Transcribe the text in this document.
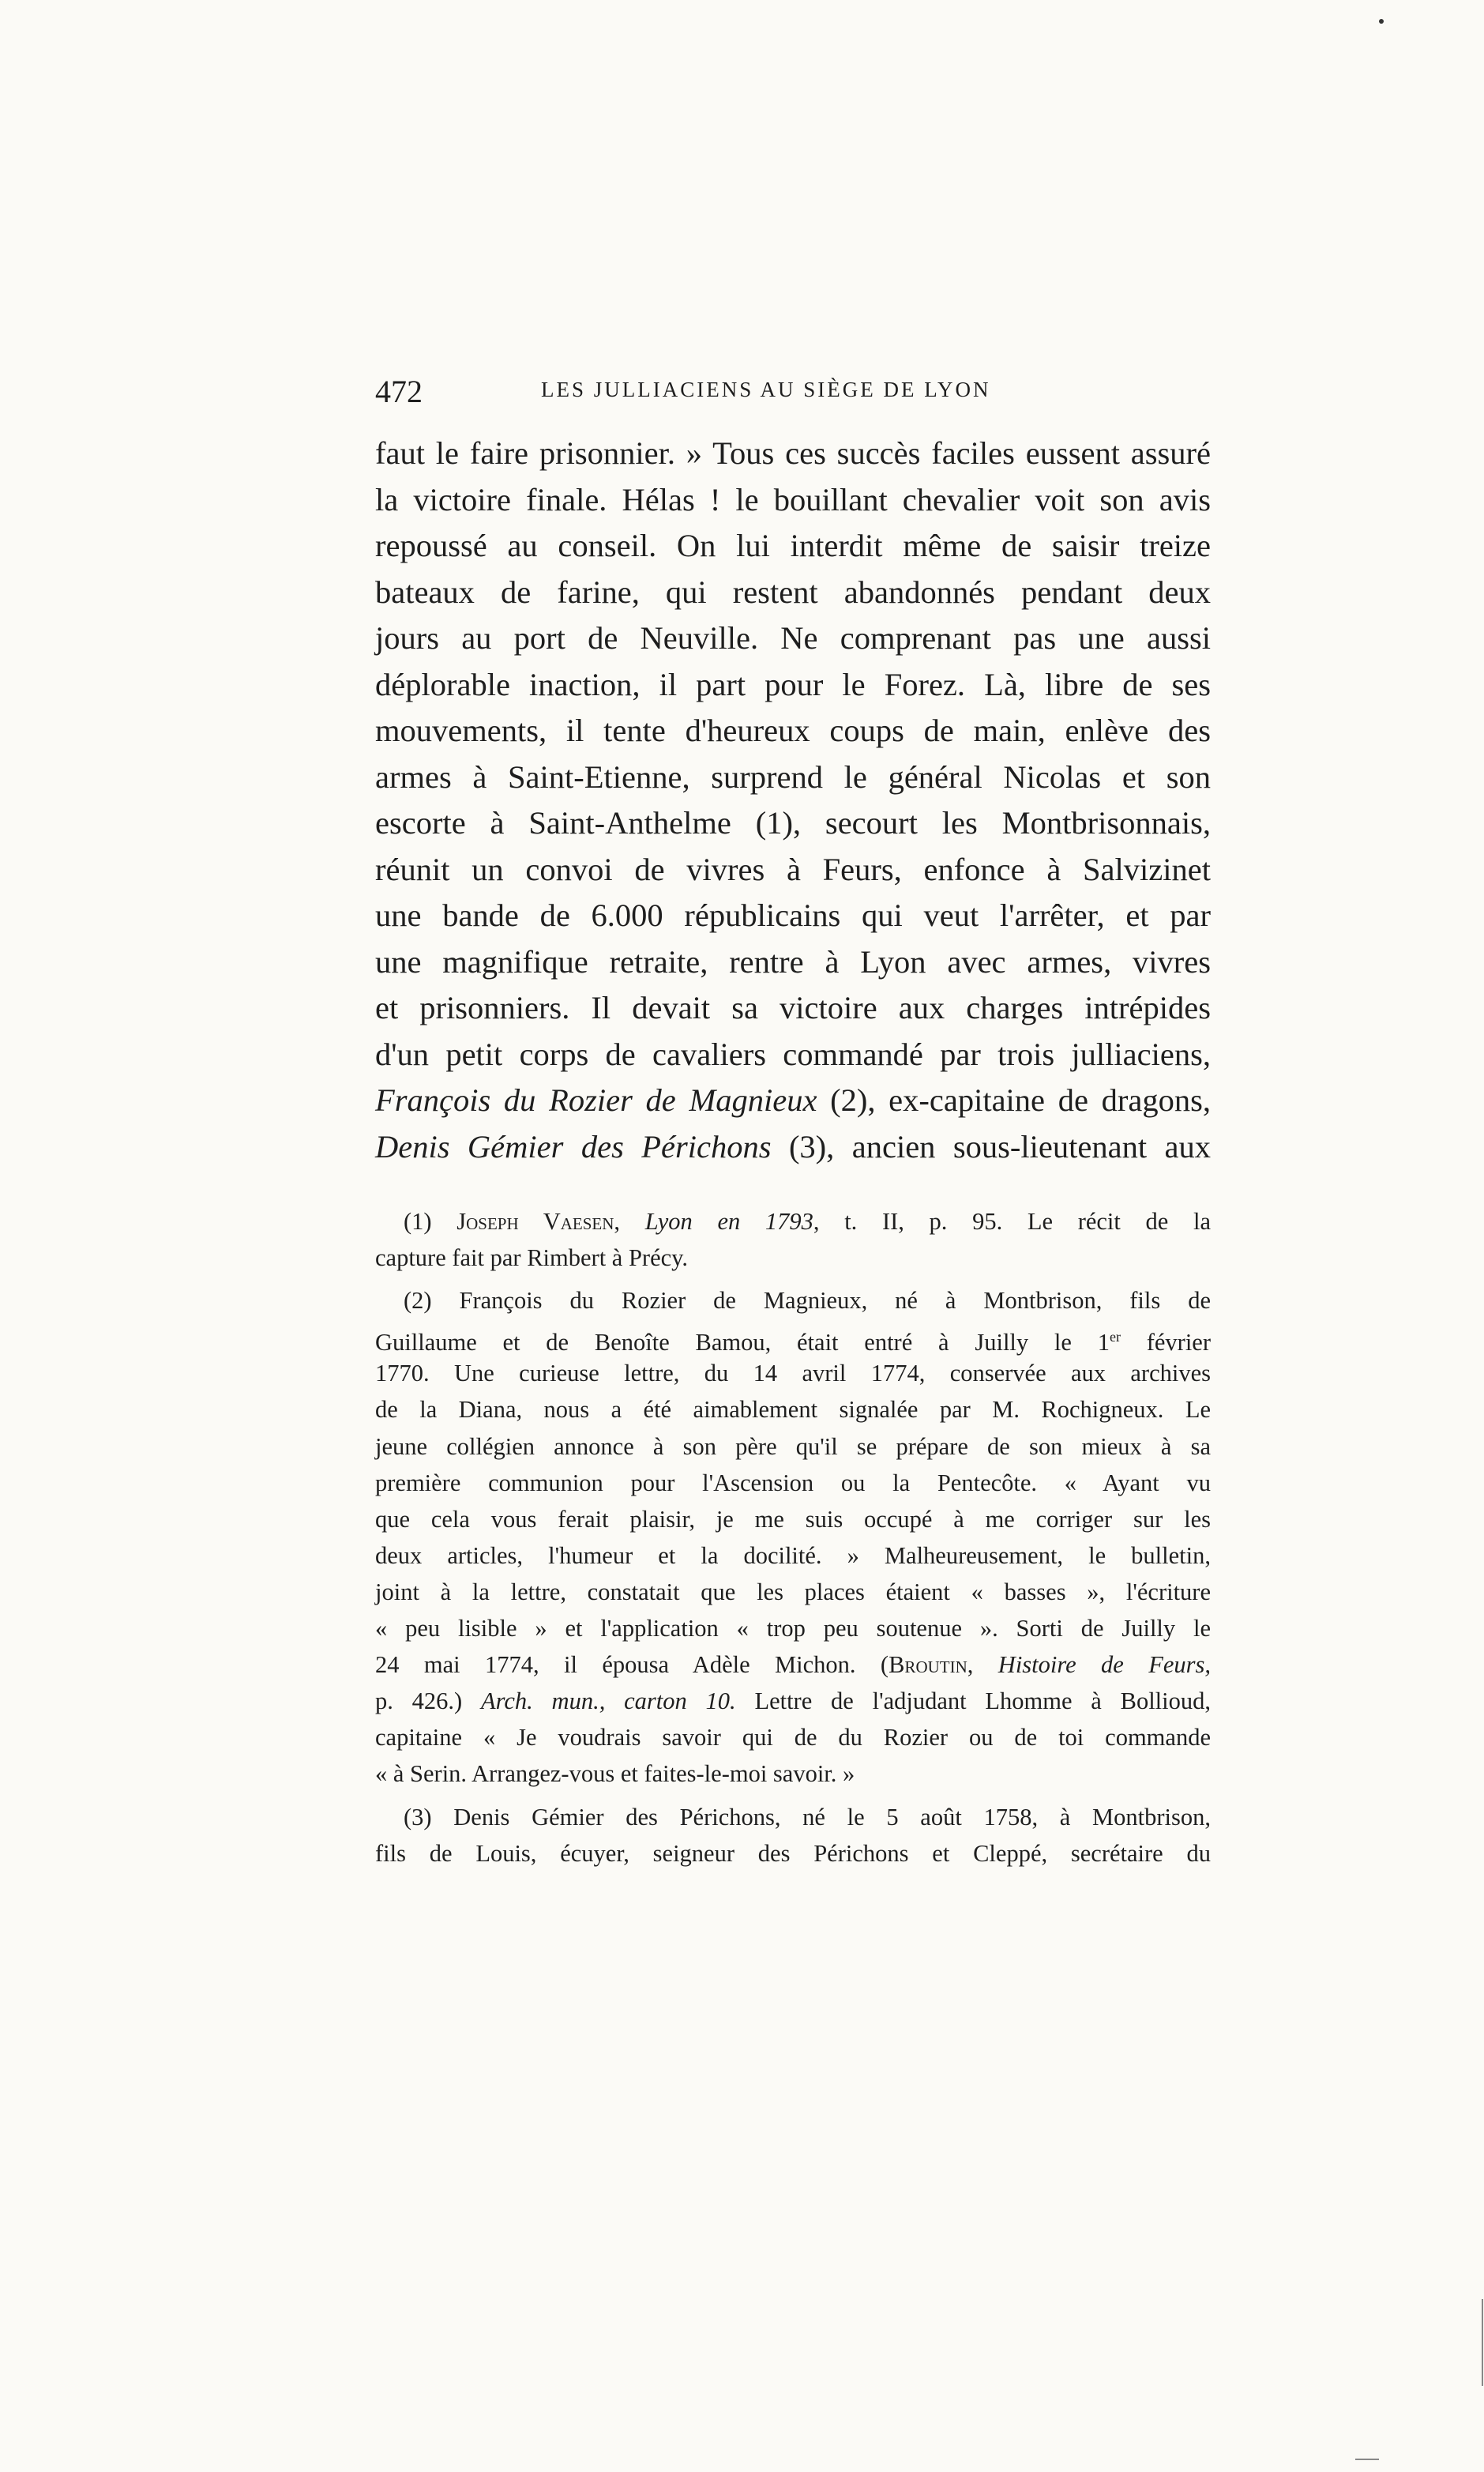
472	LES JULLIACIENS AU SIÈGE DE LYON
faut le faire prisonnier. » Tous ces succès faciles eussent assuré
la victoire finale. Hélas ! le bouillant chevalier voit son avis
repoussé au conseil. On lui interdit même de saisir treize
bateaux de farine, qui restent abandonnés pendant deux
jours au port de Neuville. Ne comprenant pas une aussi
déplorable inaction, il part pour le Forez. Là, libre de ses
mouvements, il tente d'heureux coups de main, enlève des
armes à Saint-Etienne, surprend le général Nicolas et son
escorte à Saint-Anthelme (1), secourt les Montbrisonnais,
réunit un convoi de vivres à Feurs, enfonce à Salvizinet
une bande de 6.000 républicains qui veut l'arrêter, et par
une magnifique retraite, rentre à Lyon avec armes, vivres
et prisonniers. Il devait sa victoire aux charges intrépides
d'un petit corps de cavaliers commandé par trois julliaciens,
François du Rozier de Magnieux (2), ex-capitaine de dragons,
Denis Gémier des Périchons (3), ancien sous-lieutenant aux
(1) Joseph Vaesen, Lyon en 1793, t. II, p. 95. Le récit de la
capture fait par Rimbert à Précy.
(2) François du Rozier de Magnieux, né à Montbrison, fils de
Guillaume et de Benoîte Bamou, était entré à Juilly le 1er février
1770. Une curieuse lettre, du 14 avril 1774, conservée aux archives
de la Diana, nous a été aimablement signalée par M. Rochigneux. Le
jeune collégien annonce à son père qu'il se prépare de son mieux à sa
première communion pour l'Ascension ou la Pentecôte. « Ayant vu
que cela vous ferait plaisir, je me suis occupé à me corriger sur les
deux articles, l'humeur et la docilité. » Malheureusement, le bulletin,
joint à la lettre, constatait que les places étaient « basses », l'écriture
« peu lisible » et l'application « trop peu soutenue ». Sorti de Juilly le
24 mai 1774, il épousa Adèle Michon. (Broutin, Histoire de Feurs,
p. 426.) Arch. mun., carton 10. Lettre de l'adjudant Lhomme à Bollioud,
capitaine « Je voudrais savoir qui de du Rozier ou de toi commande
« à Serin. Arrangez-vous et faites-le-moi savoir. »
(3) Denis Gémier des Périchons, né le 5 août 1758, à Montbrison,
fils de Louis, écuyer, seigneur des Périchons et Cleppé, secrétaire du
